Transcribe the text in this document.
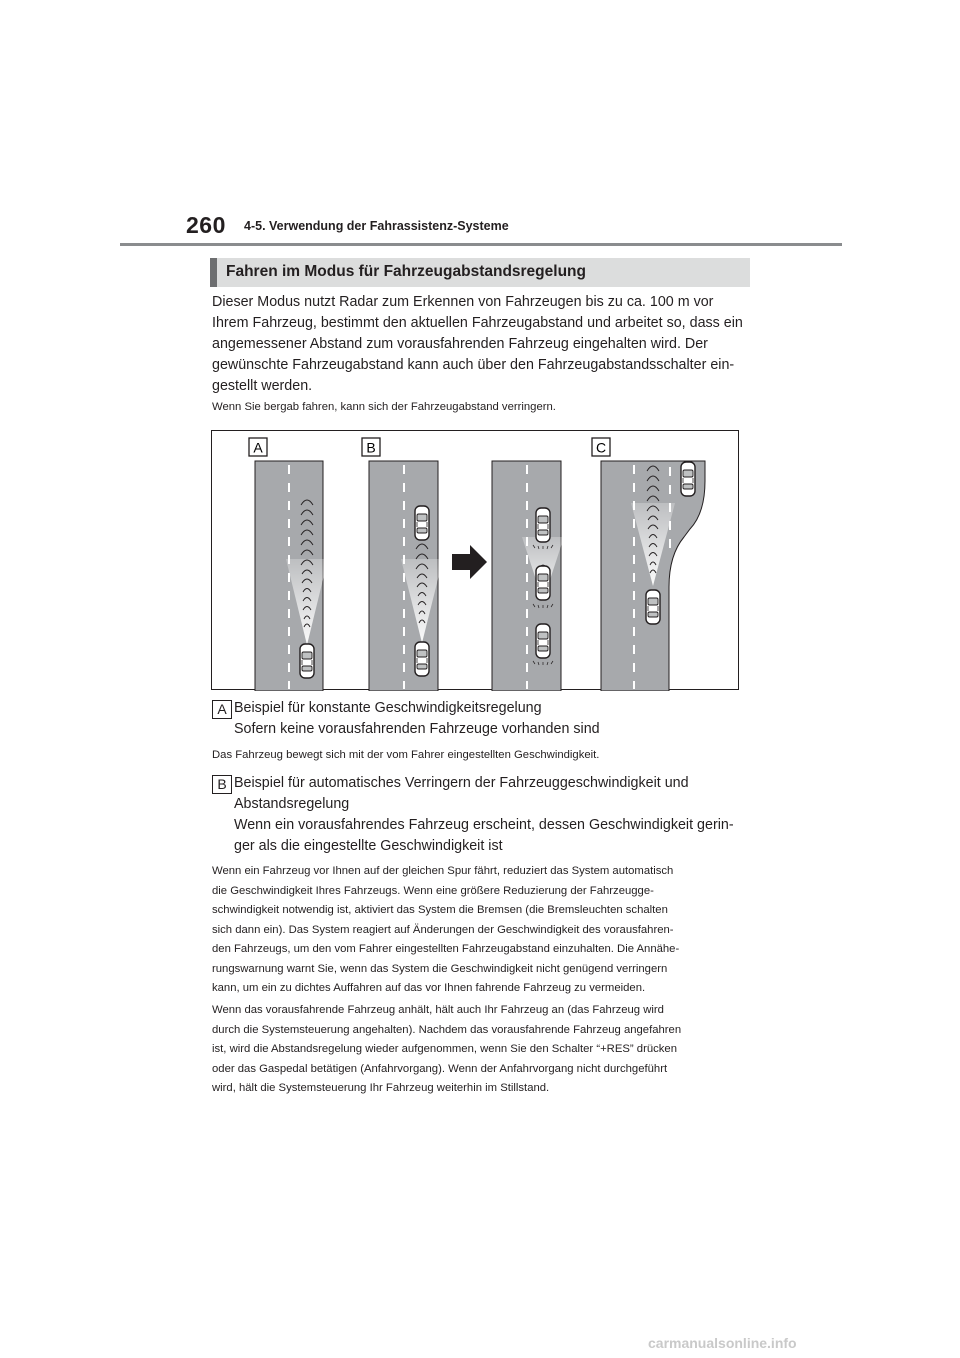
260 4-5. Verwendung der Fahrassistenz-Systeme
Fahren im Modus für Fahrzeugabstandsregelung
Dieser Modus nutzt Radar zum Erkennen von Fahrzeugen bis zu ca. 100 m vor
Ihrem Fahrzeug, bestimmt den aktuellen Fahrzeugabstand und arbeitet so, dass ein
angemessener Abstand zum vorausfahrenden Fahrzeug eingehalten wird. Der
gewünschte Fahrzeugabstand kann auch über den Fahrzeugabstandsschalter ein-
gestellt werden.
Wenn Sie bergab fahren, kann sich der Fahrzeugabstand verringern.
A	B	C
A Beispiel für konstante Geschwindigkeitsregelung
Sofern keine vorausfahrenden Fahrzeuge vorhanden sind
Das Fahrzeug bewegt sich mit der vom Fahrer eingestellten Geschwindigkeit.
B Beispiel für automatisches Verringern der Fahrzeuggeschwindigkeit und
Abstandsregelung
Wenn ein vorausfahrendes Fahrzeug erscheint, dessen Geschwindigkeit gerin-
ger als die eingestellte Geschwindigkeit ist
Wenn ein Fahrzeug vor Ihnen auf der gleichen Spur fährt, reduziert das System automatisch
die Geschwindigkeit Ihres Fahrzeugs. Wenn eine größere Reduzierung der Fahrzeugge-
schwindigkeit notwendig ist, aktiviert das System die Bremsen (die Bremsleuchten schalten
sich dann ein). Das System reagiert auf Änderungen der Geschwindigkeit des vorausfahren-
den Fahrzeugs, um den vom Fahrer eingestellten Fahrzeugabstand einzuhalten. Die Annähe-
rungswarnung warnt Sie, wenn das System die Geschwindigkeit nicht genügend verringern
kann, um ein zu dichtes Auffahren auf das vor Ihnen fahrende Fahrzeug zu vermeiden.
Wenn das vorausfahrende Fahrzeug anhält, hält auch Ihr Fahrzeug an (das Fahrzeug wird
durch die Systemsteuerung angehalten). Nachdem das vorausfahrende Fahrzeug angefahren
ist, wird die Abstandsregelung wieder aufgenommen, wenn Sie den Schalter “+RES” drücken
oder das Gaspedal betätigen (Anfahrvorgang). Wenn der Anfahrvorgang nicht durchgeführt
wird, hält die Systemsteuerung Ihr Fahrzeug weiterhin im Stillstand.
carmanualsonline.info
